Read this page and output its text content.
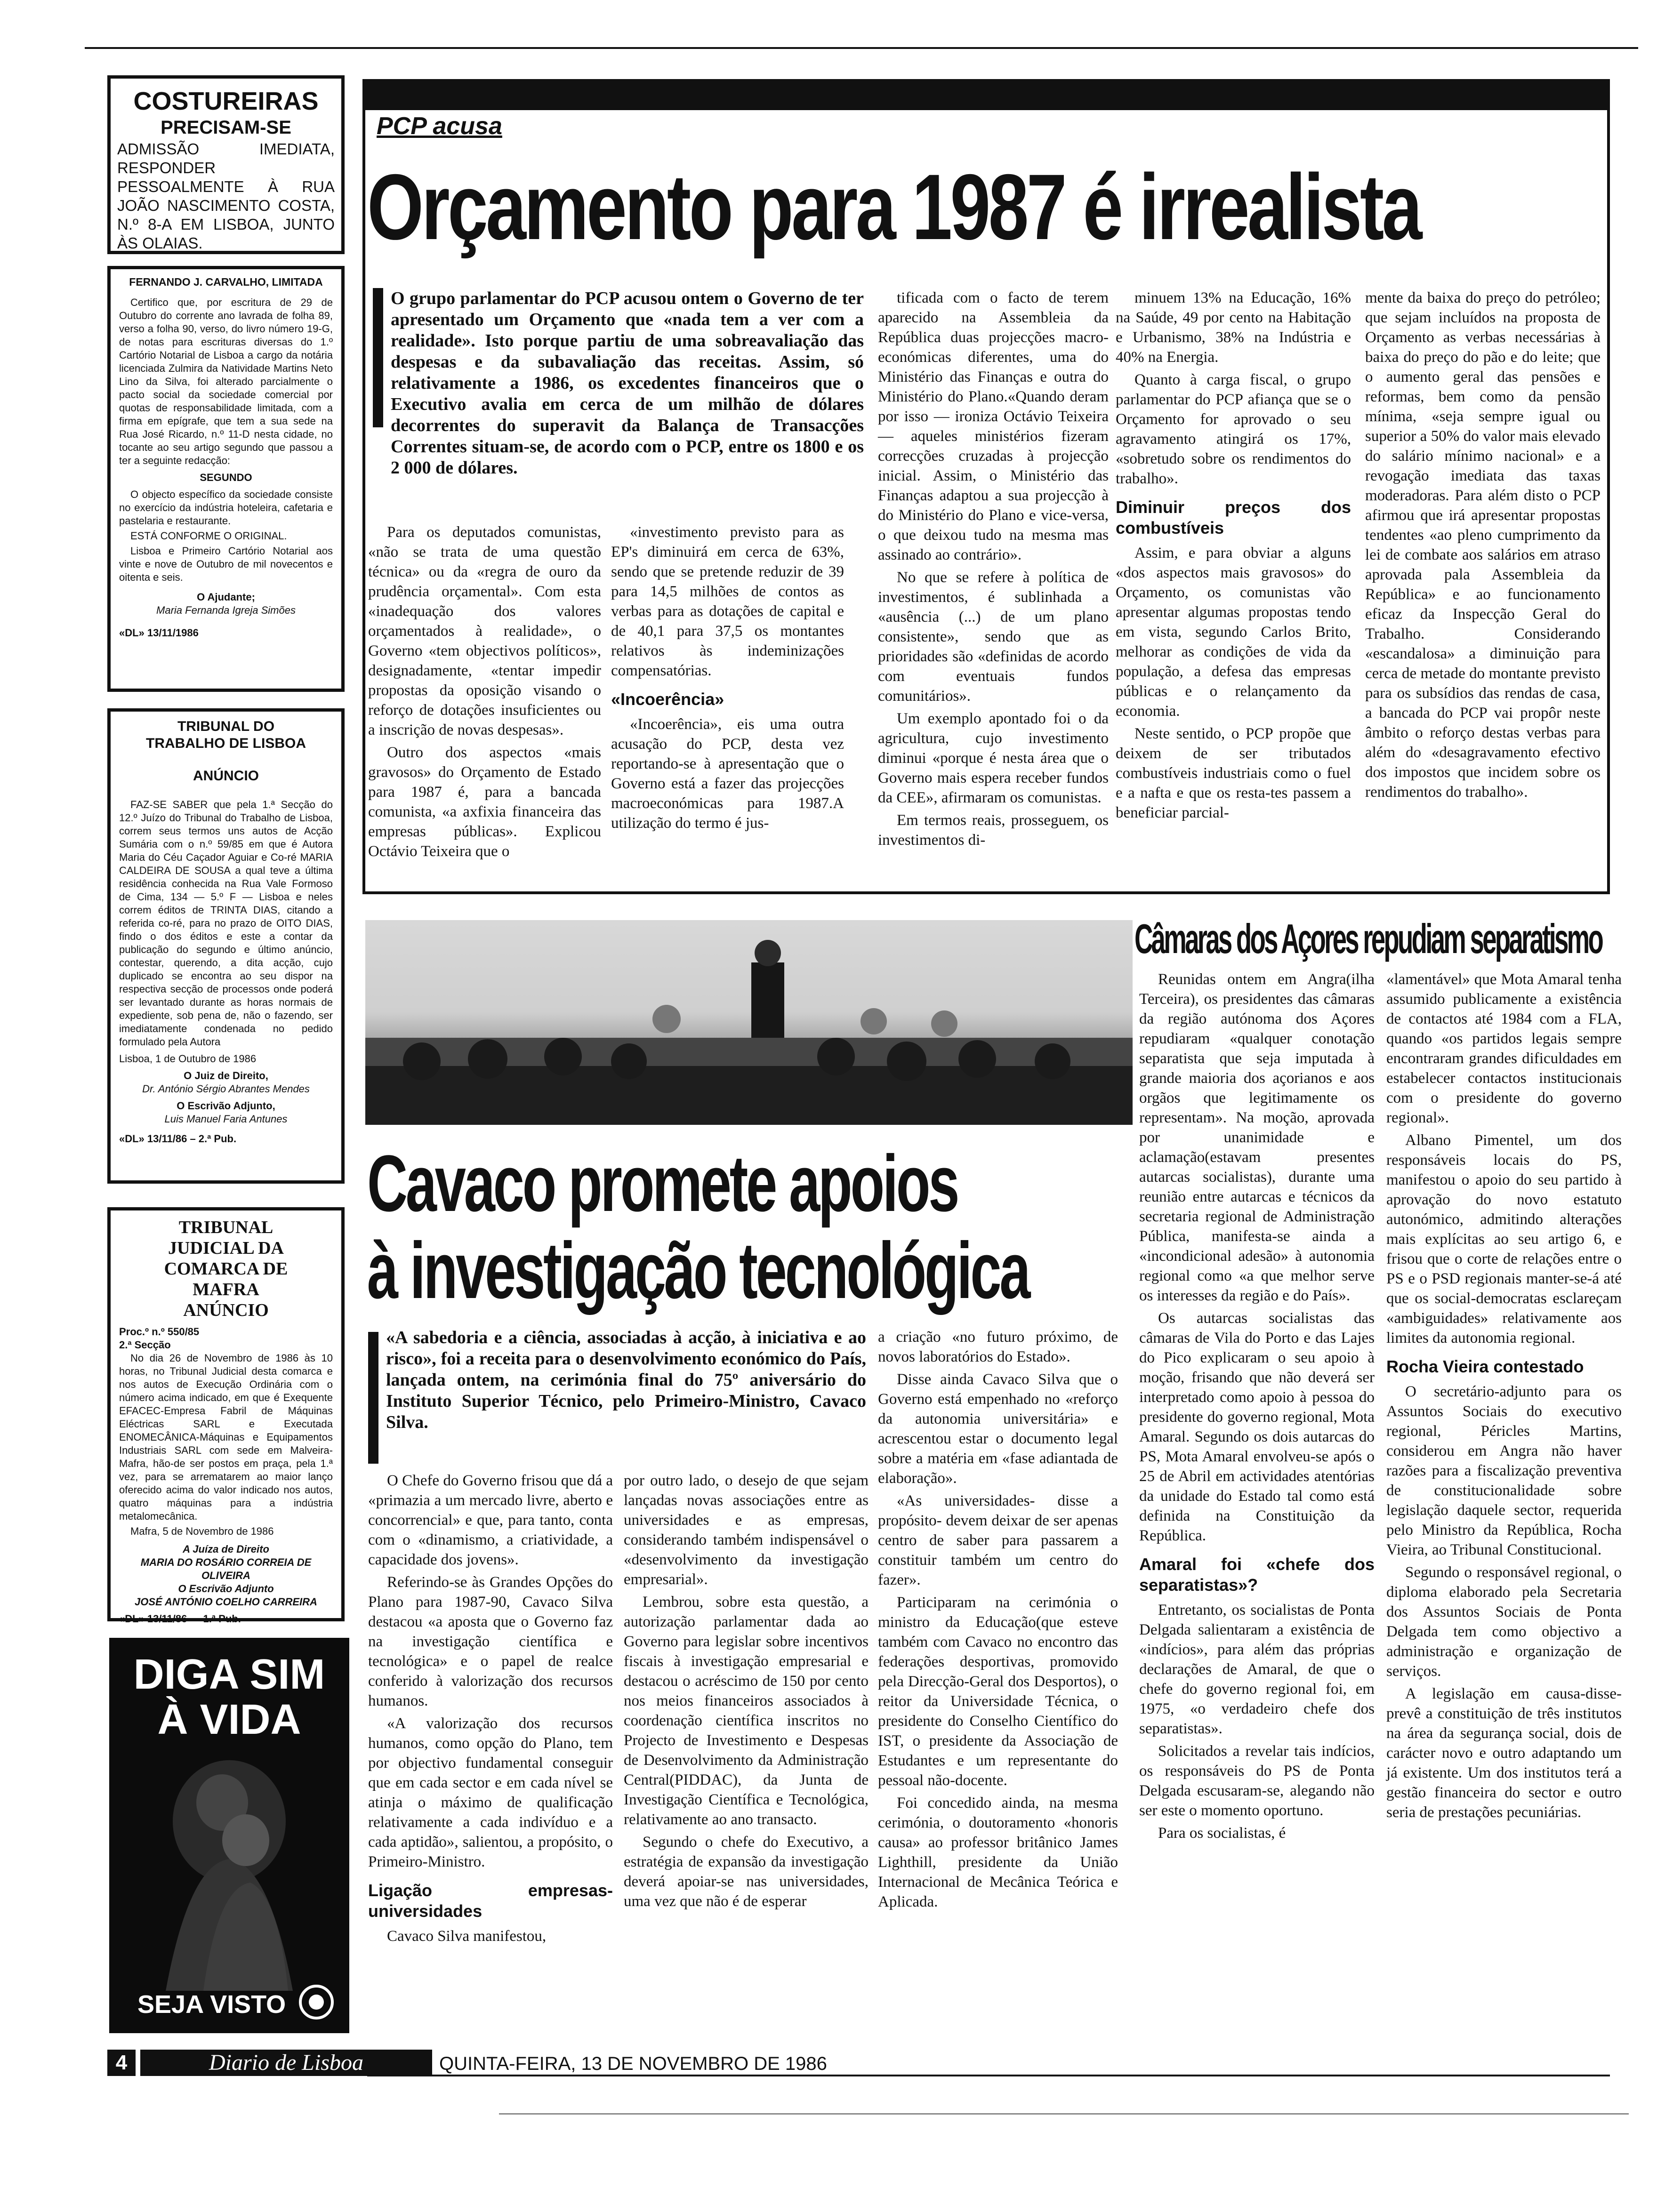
COSTUREIRAS
PRECISAM-SE
ADMISSÃO IMEDIATA, RESPONDER PESSOALMENTE À RUA JOÃO NASCIMENTO COSTA, N.º 8-A EM LISBOA, JUNTO ÀS OLAIAS.
FERNANDO J. CARVALHO, LIMITADA

Certifico que, por escritura de 29 de Outubro do corrente ano lavrada de folha 89, verso a folha 90, verso, do livro número 19-G, de notas para escrituras diversas do 1.º Cartório Notarial de Lisboa a cargo da notária licenciada Zulmira da Natividade Martins Neto Lino da Silva, foi alterado parcialmente o pacto social da sociedade comercial por quotas de responsabilidade limitada, com a firma em epígrafe, que tem a sua sede na Rua José Ricardo, n.º 11-D nesta cidade, no tocante ao seu artigo segundo que passou a ter a seguinte redacção:

SEGUNDO

O objecto específico da sociedade consiste no exercício da indústria hoteleira, cafetaria e pastelaria e restaurante.

ESTÁ CONFORME O ORIGINAL.

Lisboa e Primeiro Cartório Notarial aos vinte e nove de Outubro de mil novecentos e oitenta e seis.

O Ajudante;
Maria Fernanda Igreja Simões
«DL» 13/11/1986
TRIBUNAL DO TRABALHO DE LISBOA
ANÚNCIO

FAZ-SE SABER que pela 1.ª Secção do 12.º Juízo do Tribunal do Trabalho de Lisboa, correm seus termos uns autos de Acção Sumária com o n.º 59/85 em que é Autora Maria do Céu Caçador Aguiar e Co-ré MARIA CALDEIRA DE SOUSA a qual teve a última residência conhecida na Rua Vale Formoso de Cima, 134 — 5.º F — Lisboa e neles correm éditos de TRINTA DIAS, citando a referida co-ré, para no prazo de OITO DIAS, findo o dos éditos e este a contar da publicação do segundo e último anúncio, contestar, querendo, a dita acção, cujo duplicado se encontra ao seu dispor na respectiva secção de processos onde poderá ser levantado durante as horas normais de expediente, sob pena de, não o fazendo, ser imediatamente condenada no pedido formulado pela Autora

Lisboa, 1 de Outubro de 1986
O Juiz de Direito,
Dr. António Sérgio Abrantes Mendes
O Escrivão Adjunto,
Luis Manuel Faria Antunes
«DL» 13/11/86 – 2.ª Pub.
TRIBUNAL JUDICIAL DA COMARCA DE MAFRA
ANÚNCIO
Proc.º n.º 550/85
2.ª Secção

No dia 26 de Novembro de 1986 às 10 horas, no Tribunal Judicial desta comarca e nos autos de Execução Ordinária com o número acima indicado, em que é Exequente EFACEC-Empresa Fabril de Máquinas Eléctricas SARL e Executada ENOMECÂNICA-Máquinas e Equipamentos Industriais SARL com sede em Malveira-Mafra, hão-de ser postos em praça, pela 1.ª vez, para se arrematarem ao maior lanço oferecido acima do valor indicado nos autos, quatro máquinas para a indústria metalomecânica.

Mafra, 5 de Novembro de 1986
A Juíza de Direito
MARIA DO ROSÁRIO CORREIA DE OLIVEIRA
O Escrivão Adjunto
JOSÉ ANTÓNIO COELHO CARREIRA
«DL» 13/11/86 — 1.ª Pub.
DIGA SIM
À VIDA
SEJA VISTO
PCP acusa
Orçamento para 1987 é irrealista
O grupo parlamentar do PCP acusou ontem o Governo de ter apresentado um Orçamento que «nada tem a ver com a realidade». Isto porque partiu de uma sobreavaliação das despesas e da subavaliação das receitas. Assim, só relativamente a 1986, os excedentes financeiros que o Executivo avalia em cerca de um milhão de dólares decorrentes do superavit da Balança de Transacções Correntes situam-se, de acordo com o PCP, entre os 1800 e os 2 000 de dólares.

Para os deputados comunistas, «não se trata de uma questão técnica» ou da «regra de ouro da prudência orçamental». Com esta «inadequação dos valores orçamentados à realidade», o Governo «tem objectivos políticos», designadamente, «tentar impedir propostas da oposição visando o reforço de dotações insuficientes ou a inscrição de novas despesas».

Outro dos aspectos «mais gravosos» do Orçamento de Estado para 1987 é, para a bancada comunista, «a axfixia financeira das empresas públicas». Explicou Octávio Teixeira que o

«investimento previsto para as EP's diminuirá em cerca de 63%, sendo que se pretende reduzir de 39 para 14,5 milhões de contos as verbas para as dotações de capital e de 40,1 para 37,5 os montantes relativos às indeminizações compensatórias.

«Incoerência»

«Incoerência», eis uma outra acusação do PCP, desta vez reportando-se à apresentação que o Governo está a fazer das projecções macroeconómicas para 1987.A utilização do termo é jus-

tificada com o facto de terem aparecido na Assembleia da República duas projecções macro-económicas diferentes, uma do Ministério das Finanças e outra do Ministério do Plano.«Quando deram por isso — ironiza Octávio Teixeira — aqueles ministérios fizeram correcções cruzadas à projecção inicial. Assim, o Ministério das Finanças adaptou a sua projecção à do Ministério do Plano e vice-versa, o que deixou tudo na mesma mas assinado ao contrário».

No que se refere à política de investimentos, é sublinhada a «ausência (...) de um plano consistente», sendo que as prioridades são «definidas de acordo com eventuais fundos comunitários».

Um exemplo apontado foi o da agricultura, cujo investimento diminui «porque é nesta área que o Governo mais espera receber fundos da CEE», afirmaram os comunistas.

Em termos reais, prosseguem, os investimentos di-

minuem 13% na Educação, 16% na Saúde, 49 por cento na Habitação e Urbanismo, 38% na Indústria e 40% na Energia.

Quanto à carga fiscal, o grupo parlamentar do PCP afiança que se o Orçamento for aprovado o seu agravamento atingirá os 17%, «sobretudo sobre os rendimentos do trabalho».

Diminuir preços dos combustíveis

Assim, e para obviar a alguns «dos aspectos mais gravosos» do Orçamento, os comunistas vão apresentar algumas propostas tendo em vista, segundo Carlos Brito, melhorar as condições de vida da população, a defesa das empresas públicas e o relançamento da economia.

Neste sentido, o PCP propõe que deixem de ser tributados combustíveis industriais como o fuel e a nafta e que os resta-tes passem a beneficiar parcial-

mente da baixa do preço do petróleo; que sejam incluídos na proposta de Orçamento as verbas necessárias à baixa do preço do pão e do leite; que o aumento geral das pensões e reformas, bem como da pensão mínima, «seja sempre igual ou superior a 50% do valor mais elevado do salário mínimo nacional» e a revogação imediata das taxas moderadoras. Para além disto o PCP afirmou que irá apresentar propostas tendentes «ao pleno cumprimento da lei de combate aos salários em atraso aprovada pala Assembleia da República» e ao funcionamento eficaz da Inspecção Geral do Trabalho. Considerando «escandalosa» a diminuição para cerca de metade do montante previsto para os subsídios das rendas de casa, a bancada do PCP vai propôr neste âmbito o reforço destas verbas para além do «desagravamento efectivo dos impostos que incidem sobre os rendimentos do trabalho».

Cavaco promete apoios
à investigação tecnológica
«A sabedoria e a ciência, associadas à acção, à iniciativa e ao risco», foi a receita para o desenvolvimento económico do País, lançada ontem, na cerimónia final do 75º aniversário do Instituto Superior Técnico, pelo Primeiro-Ministro, Cavaco Silva.

O Chefe do Governo frisou que dá a «primazia a um mercado livre, aberto e concorrencial» e que, para tanto, conta com o «dinamismo, a criatividade, a capacidade dos jovens».

Referindo-se às Grandes Opções do Plano para 1987-90, Cavaco Silva destacou «a aposta que o Governo faz na investigação científica e tecnológica» e o papel de realce conferido à valorização dos recursos humanos.

«A valorização dos recursos humanos, como opção do Plano, tem por objectivo fundamental conseguir que em cada sector e em cada nível se atinja o máximo de qualificação relativamente a cada indivíduo e a cada aptidão», salientou, a propósito, o Primeiro-Ministro.

Ligação empresas-universidades

Cavaco Silva manifestou,

por outro lado, o desejo de que sejam lançadas novas associações entre as universidades e as empresas, considerando também indispensável o «desenvolvimento da investigação empresarial».

Lembrou, sobre esta questão, a autorização parlamentar dada ao Governo para legislar sobre incentivos fiscais à investigação empresarial e destacou o acréscimo de 150 por cento nos meios financeiros associados à coordenação científica inscritos no Projecto de Investimento e Despesas de Desenvolvimento da Administração Central(PIDDAC), da Junta de Investigação Científica e Tecnológica, relativamente ao ano transacto.

Segundo o chefe do Executivo, a estratégia de expansão da investigação deverá apoiar-se nas universidades, uma vez que não é de esperar

a criação «no futuro próximo, de novos laboratórios do Estado».

Disse ainda Cavaco Silva que o Governo está empenhado no «reforço da autonomia universitária» e acrescentou estar o documento legal sobre a matéria em «fase adiantada de elaboração».

«As universidades- disse a propósito- devem deixar de ser apenas centro de saber para passarem a constituir também um centro do fazer».

Participaram na cerimónia o ministro da Educação(que esteve também com Cavaco no encontro das federações desportivas, promovido pela Direcção-Geral dos Desportos), o reitor da Universidade Técnica, o presidente do Conselho Científico do IST, o presidente da Associação de Estudantes e um representante do pessoal não-docente.

Foi concedido ainda, na mesma cerimónia, o doutoramento «honoris causa» ao professor britânico James Lighthill, presidente da União Internacional de Mecânica Teórica e Aplicada.

Câmaras dos Açores repudiam separatismo

Reunidas ontem em Angra(ilha Terceira), os presidentes das câmaras da região autónoma dos Açores repudiaram «qualquer conotação separatista que seja imputada à grande maioria dos açorianos e aos orgãos que legitimamente os representam». Na moção, aprovada por unanimidade e aclamação(estavam presentes autarcas socialistas), durante uma reunião entre autarcas e técnicos da secretaria regional de Administração Pública, manifesta-se ainda a «incondicional adesão» à autonomia regional como «a que melhor serve os interesses da região e do País».

Os autarcas socialistas das câmaras de Vila do Porto e das Lajes do Pico explicaram o seu apoio à moção, frisando que não deverá ser interpretado como apoio à pessoa do presidente do governo regional, Mota Amaral. Segundo os dois autarcas do PS, Mota Amaral envolveu-se após o 25 de Abril em actividades atentórias da unidade do Estado tal como está definida na Constituição da República.

Amaral foi «chefe dos separatistas»?

Entretanto, os socialistas de Ponta Delgada salientaram a existência de «indícios», para além das próprias declarações de Amaral, de que o chefe do governo regional foi, em 1975, «o verdadeiro chefe dos separatistas».

Solicitados a revelar tais indícios, os responsáveis do PS de Ponta Delgada escusaram-se, alegando não ser este o momento oportuno.

Para os socialistas, é

«lamentável» que Mota Amaral tenha assumido publicamente a existência de contactos até 1984 com a FLA, quando «os partidos legais sempre encontraram grandes dificuldades em estabelecer contactos institucionais com o presidente do governo regional».

Albano Pimentel, um dos responsáveis locais do PS, manifestou o apoio do seu partido à aprovação do novo estatuto autonómico, admitindo alterações mais explícitas ao seu artigo 6, e frisou que o corte de relações entre o PS e o PSD regionais manter-se-á até que os social-democratas esclareçam «ambiguidades» relativamente aos limites da autonomia regional.

Rocha Vieira contestado

O secretário-adjunto para os Assuntos Sociais do executivo regional, Péricles Martins, considerou em Angra não haver razões para a fiscalização preventiva de constitucionalidade sobre legislação daquele sector, requerida pelo Ministro da República, Rocha Vieira, ao Tribunal Constitucional.

Segundo o responsável regional, o diploma elaborado pela Secretaria dos Assuntos Sociais de Ponta Delgada tem como objectivo a administração e organização de serviços.

A legislação em causa-disse- prevê a constituição de três institutos na área da segurança social, dois de carácter novo e outro adaptando um já existente. Um dos institutos terá a gestão financeira do sector e outro seria de prestações pecuniárias.

4	Diario de Lisboa	QUINTA-FEIRA, 13 DE NOVEMBRO DE 1986
